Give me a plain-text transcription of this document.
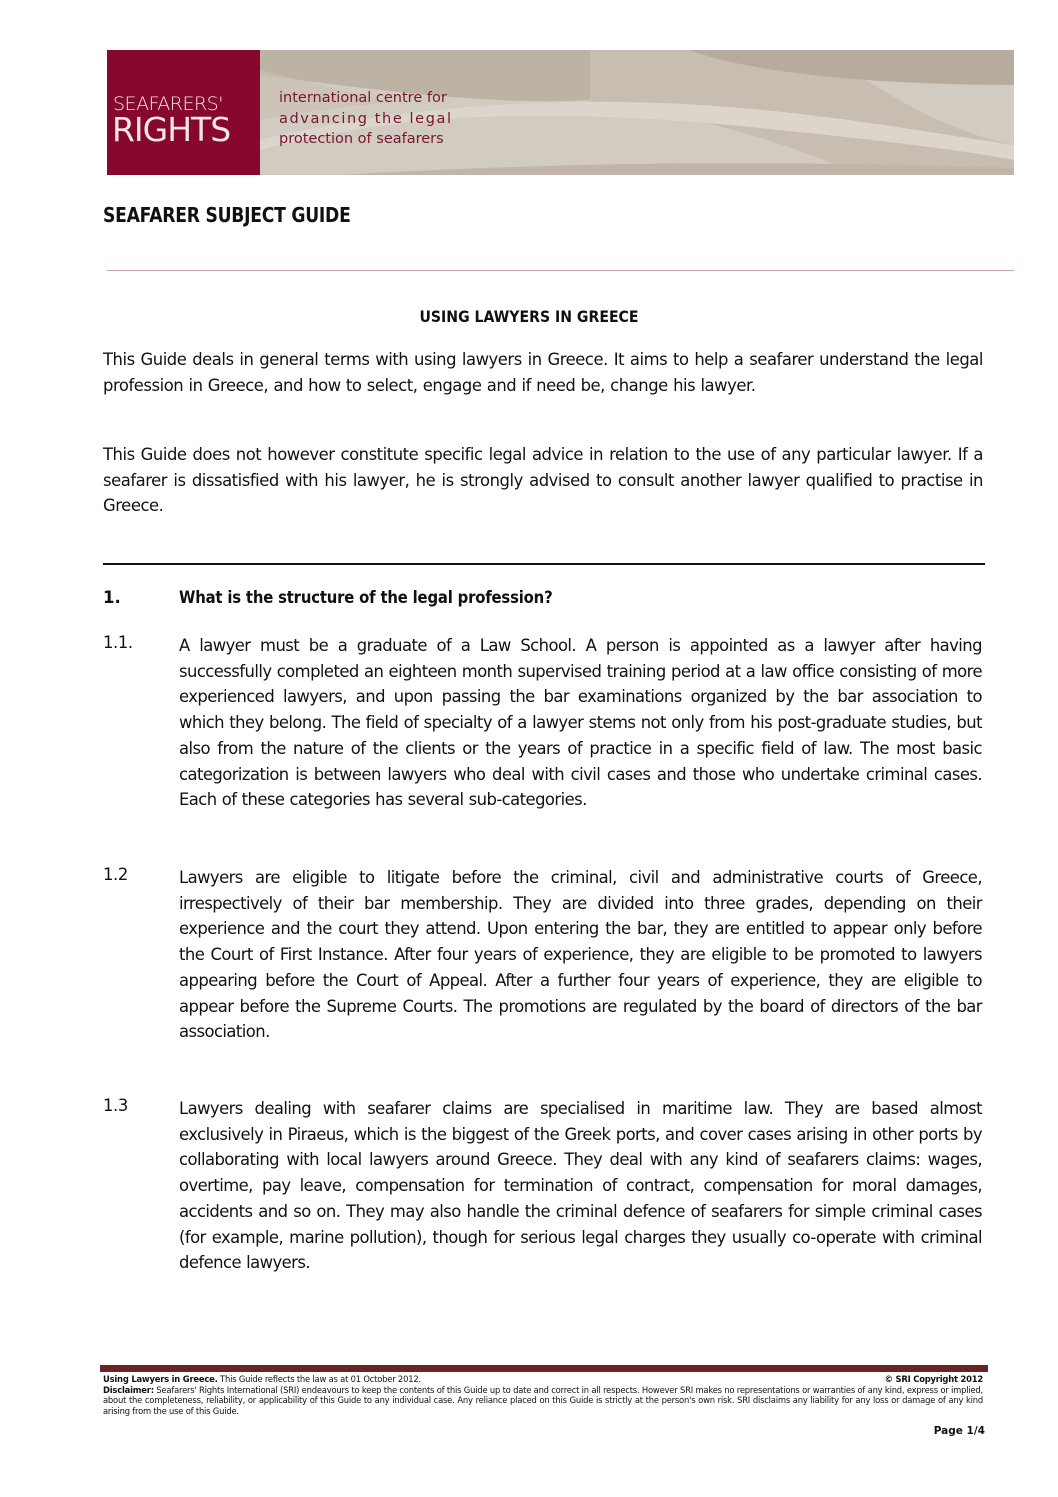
SEAFARERS'
RIGHTS
international centre for
advancing the legal
protection of seafarers
SEAFARER SUBJECT GUIDE
USING LAWYERS IN GREECE
This Guide deals in general terms with using lawyers in Greece. It aims to help a seafarer understand the legal profession in Greece, and how to select, engage and if need be, change his lawyer.
This Guide does not however constitute specific legal advice in relation to the use of any particular lawyer. If a seafarer is dissatisfied with his lawyer, he is strongly advised to consult another lawyer qualified to practise in Greece.
1.	What is the structure of the legal profession?
1.1.	A lawyer must be a graduate of a Law School. A person is appointed as a lawyer after having successfully completed an eighteen month supervised training period at a law office consisting of more experienced lawyers, and upon passing the bar examinations organized by the bar association to which they belong. The field of specialty of a lawyer stems not only from his post-graduate studies, but also from the nature of the clients or the years of practice in a specific field of law. The most basic categorization is between lawyers who deal with civil cases and those who undertake criminal cases. Each of these categories has several sub-categories.
1.2	Lawyers are eligible to litigate before the criminal, civil and administrative courts of Greece, irrespectively of their bar membership. They are divided into three grades, depending on their experience and the court they attend. Upon entering the bar, they are entitled to appear only before the Court of First Instance. After four years of experience, they are eligible to be promoted to lawyers appearing before the Court of Appeal. After a further four years of experience, they are eligible to appear before the Supreme Courts. The promotions are regulated by the board of directors of the bar association.
1.3	Lawyers dealing with seafarer claims are specialised in maritime law. They are based almost exclusively in Piraeus, which is the biggest of the Greek ports, and cover cases arising in other ports by collaborating with local lawyers around Greece. They deal with any kind of seafarers claims: wages, overtime, pay leave, compensation for termination of contract, compensation for moral damages, accidents and so on. They may also handle the criminal defence of seafarers for simple criminal cases (for example, marine pollution), though for serious legal charges they usually co-operate with criminal defence lawyers.
Using Lawyers in Greece. This Guide reflects the law as at 01 October 2012.	© SRI Copyright 2012
Disclaimer: Seafarers' Rights International (SRI) endeavours to keep the contents of this Guide up to date and correct in all respects. However SRI makes no representations or warranties of any kind, express or implied, about the completeness, reliability, or applicability of this Guide to any individual case. Any reliance placed on this Guide is strictly at the person's own risk. SRI disclaims any liability for any loss or damage of any kind arising from the use of this Guide.
Page 1/4
